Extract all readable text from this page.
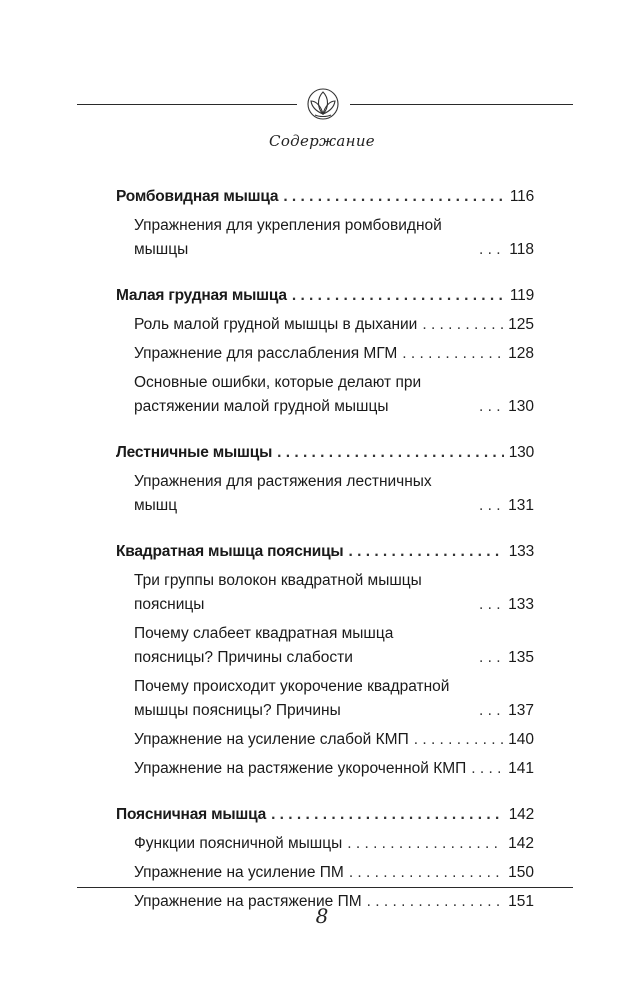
Содержание
Ромбовидная мышца . . .	116
Упражнения для укрепления ромбовидной мышцы . . .	118
Малая грудная мышца . . .	119
Роль малой грудной мышцы в дыхании . . .	125
Упражнение для расслабления МГМ . . .	128
Основные ошибки, которые делают при растяжении малой грудной мышцы . . .	130
Лестничные мышцы . . .	130
Упражнения для растяжения лестничных мышц . . .	131
Квадратная мышца поясницы . . .	133
Три группы волокон квадратной мышцы поясницы . . .	133
Почему слабеет квадратная мышца поясницы? Причины слабости . . .	135
Почему происходит укорочение квадратной мышцы поясницы? Причины . . .	137
Упражнение на усиление слабой КМП . . .	140
Упражнение на растяжение укороченной КМП . . .	141
Поясничная мышца . . .	142
Функции поясничной мышцы . . .	142
Упражнение на усиление ПМ . . .	150
Упражнение на растяжение ПМ . . .	151
8
